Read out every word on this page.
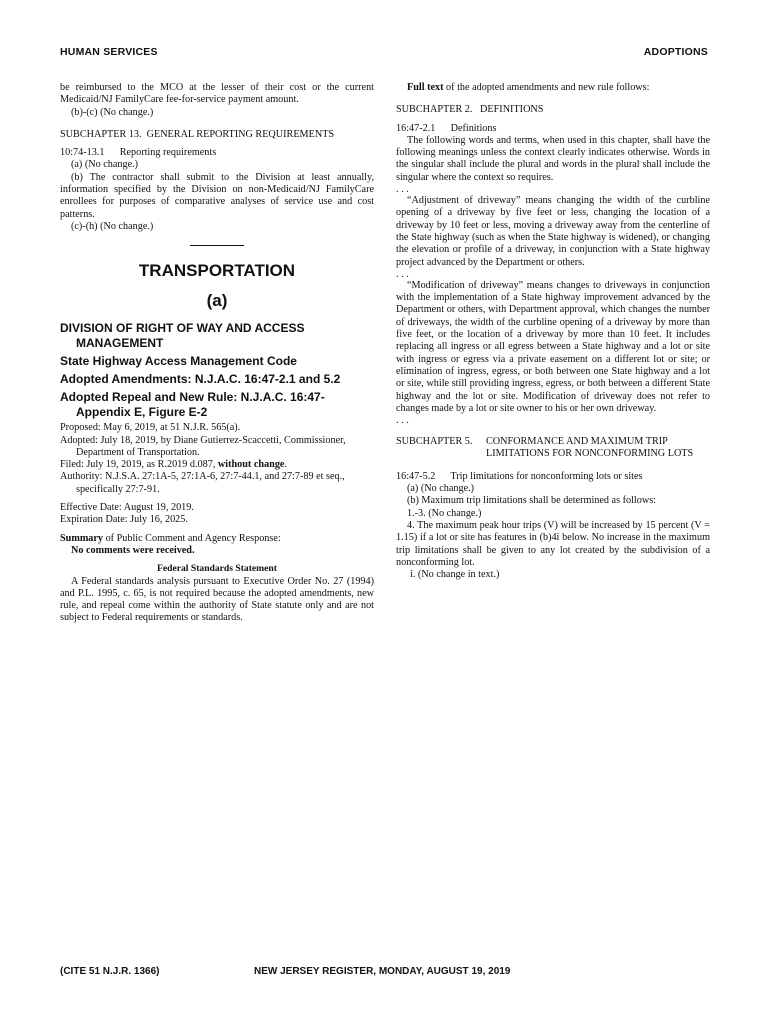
HUMAN SERVICES	ADOPTIONS

be reimbursed to the MCO at the lesser of their cost or the current Medicaid/NJ FamilyCare fee-for-service payment amount.

(b)-(c) (No change.)

SUBCHAPTER 13.  GENERAL REPORTING REQUIREMENTS

10:74-13.1      Reporting requirements

(a) (No change.)

(b) The contractor shall submit to the Division at least annually, information specified by the Division on non-Medicaid/NJ FamilyCare enrollees for purposes of comparative analyses of service use and cost patterns.

(c)-(h) (No change.)

TRANSPORTATION
(a)

DIVISION OF RIGHT OF WAY AND ACCESS MANAGEMENT

State Highway Access Management Code

Adopted Amendments: N.J.A.C. 16:47-2.1 and 5.2

Adopted Repeal and New Rule: N.J.A.C. 16:47-Appendix E, Figure E-2

Proposed: May 6, 2019, at 51 N.J.R. 565(a).

Adopted: July 18, 2019, by Diane Gutierrez-Scaccetti, Commissioner, Department of Transportation.

Filed: July 19, 2019, as R.2019 d.087, without change.

Authority: N.J.S.A. 27:1A-5, 27:1A-6, 27:7-44.1, and 27:7-89 et seq., specifically 27:7-91.

Effective Date: August 19, 2019.

Expiration Date: July 16, 2025.

Summary of Public Comment and Agency Response:

No comments were received.

Federal Standards Statement

A Federal standards analysis pursuant to Executive Order No. 27 (1994) and P.L. 1995, c. 65, is not required because the adopted amendments, new rule, and repeal come within the authority of State statute only and are not subject to Federal requirements or standards.

Full text of the adopted amendments and new rule follows:

SUBCHAPTER 2.   DEFINITIONS

16:47-2.1      Definitions

The following words and terms, when used in this chapter, shall have the following meanings unless the context clearly indicates otherwise. Words in the singular shall include the plural and words in the plural shall include the singular where the context so requires.

. . .

“Adjustment of driveway” means changing the width of the curbline opening of a driveway by five feet or less, changing the location of a driveway by 10 feet or less, moving a driveway away from the centerline of the State highway (such as when the State highway is widened), or changing the elevation or profile of a driveway, in conjunction with a State highway project advanced by the Department or others.

. . .

“Modification of driveway” means changes to driveways in conjunction with the implementation of a State highway improvement advanced by the Department or others, with Department approval, which changes the number of driveways, the width of the curbline opening of a driveway by more than five feet, or the location of a driveway by more than 10 feet. It includes replacing all ingress or all egress between a State highway and a lot or site with ingress or egress via a private easement on a different lot or site; or elimination of ingress, egress, or both between one State highway and a lot or site, while still providing ingress, egress, or both between a different State highway and the lot or site. Modification of driveway does not refer to changes made by a lot or site owner to his or her own driveway.

. . .

SUBCHAPTER 5.	CONFORMANCE AND MAXIMUM TRIP LIMITATIONS FOR NONCONFORMING LOTS

16:47-5.2      Trip limitations for nonconforming lots or sites

(a) (No change.)

(b) Maximum trip limitations shall be determined as follows:

1.-3. (No change.)

4. The maximum peak hour trips (V) will be increased by 15 percent (V = 1.15) if a lot or site has features in (b)4i below. No increase in the maximum trip limitations shall be given to any lot created by the subdivision of a nonconforming lot.

i. (No change in text.)

(CITE 51 N.J.R. 1366)	NEW JERSEY REGISTER, MONDAY, AUGUST 19, 2019
